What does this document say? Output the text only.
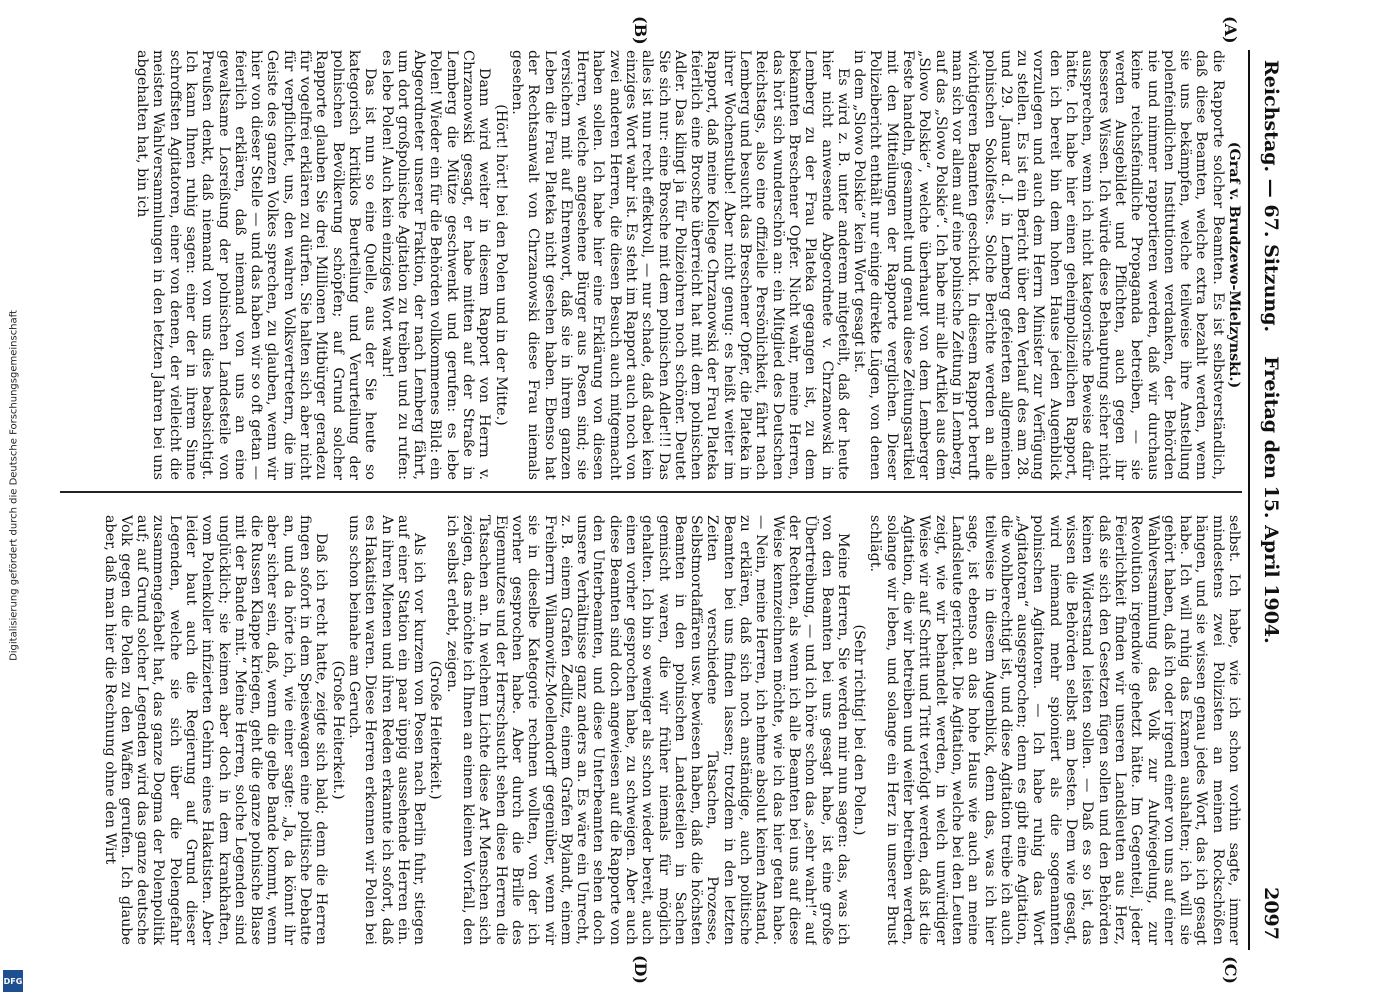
Reichstag. — 67. Sitzung.
Freitag den 15. April 1904.
2097
(A)
(B)
(C)
(D)

(Graf v. Brudzewo-Mielzynski.)

die Rapporte solcher Beamten. Es ist selbstverständlich, daß diese Beamten, welche extra bezahlt werden, wenn sie uns bekämpfen, welche teilweise ihre Anstellung polenfeindlichen Institutionen verdanken, der Behörden nie und nimmer rapportieren werden, daß wir durchaus keine reichsfeindliche Propaganda betreiben, — sie werden Ausgebildet und Pflichten, auch gegen ihr besseres Wissen. Ich würde diese Behauptung sicher nicht aussprechen, wenn ich nicht kategorische Beweise dafür hätte. Ich habe hier einen geheimpolizeilichen Rapport, den ich bereit bin dem hohen Hause jeden Augenblick vorzulegen und auch dem Herrn Minister zur Verfügung zu stellen. Es ist ein Bericht über den Verlauf des am 28. und 29. Januar d. J. in Lemberg gefeierten allgemeinen polnischen Sokolfestes. Solche Berichte werden an alle wichtigeren Beamten geschickt. In diesem Rapport beruft man sich vor allem auf eine polnische Zeitung in Lemberg, auf das „Slowo Polskie“. Ich habe mir alle Artikel aus dem „Slowo Polskie“, welche überhaupt von dem Lemberger Feste handeln, gesammelt und genau diese Zeitungsartikel mit den Mitteilungen der Rapporte verglichen. Dieser Polizeibericht enthält nur einige direkte Lügen, von denen in dem „Slowo Polskie“ kein Wort gesagt ist.

Es wird z. B. unter anderem mitgeteilt, daß der heute hier nicht anwesende Abgeordnete v. Chrzanowski in Lemberg zu der Frau Plateka gegangen ist, zu dem bekannten Breschener Opfer. Nicht wahr, meine Herren, das hört sich wunderschön an: ein Mitglied des Deutschen Reichstags, also eine offizielle Persönlichkeit, fährt nach Lemberg und besucht das Breschener Opfer, die Plateka in ihrer Wochenstube! Aber nicht genug: es heißt weiter im Rapport, daß meine Kollege Chrzanowski der Frau Plateka feierlich eine Brosche überreicht hat mit dem polnischen Adler. Das klingt ja für Polizeiohren noch schöner. Deutet Sie sich nur: eine Brosche mit dem polnischen Adler!!! Das alles ist nun recht effektvoll, — nur schade, daß dabei kein einziges Wort wahr ist. Es steht im Rapport auch noch von zwei anderen Herren, die diesen Besuch auch mitgemacht haben sollen. Ich habe hier eine Erklärung von diesen Herren, welche angesehene Bürger aus Posen sind; sie versichern mit auf Ehrenwort, daß sie in ihrem ganzen Leben die Frau Plateka nicht gesehen haben. Ebenso hat der Rechtsanwalt von Chrzanowski diese Frau niemals gesehen.

(Hört! hört! bei den Polen und in der Mitte.)

Dann wird weiter in diesem Rapport von Herrn v. Chrzanowski gesagt, er habe mitten auf der Straße in Lemberg die Mütze geschwenkt und gerufen: es lebe Polen! Wieder ein für die Behörden vollkommenes Bild: ein Abgeordneter unserer Fraktion, der nach Lemberg fährt, um dort großpolnische Agitation zu treiben und zu rufen: es lebe Polen! Auch kein einziges Wort wahr!

Das ist nun so eine Quelle, aus der Sie heute so kategorisch kritiklos Beurteilung und Verurteilung der polnischen Bevölkerung schöpfen; auf Grund solcher Rapporte glauben Sie drei Millionen Mitbürger geradezu für vogelfrei erklären zu dürfen. Sie halten sich aber nicht für verpflichtet, uns, den wahren Volksvertretern, die im Geiste des ganzen Volkes sprechen, zu glauben, wenn wir hier von dieser Stelle — und das haben wir so oft getan — feierlich erklären, daß niemand von uns an eine gewaltsame Losreißung der polnischen Landesteile von Preußen denkt, daß niemand von uns dies beabsichtigt. Ich kann Ihnen ruhig sagen: einer der in ihrem Sinne schroffsten Agitatoren, einer von denen, der vielleicht die meisten Wahlversammlungen in den letzten Jahren bei uns abgehalten hat, bin ich

selbst. Ich habe, wie ich schon vorhin sagte, immer mindestens zwei Polizisten an meinen Rockschößen hängen, und sie wissen genau jedes Wort, das ich gesagt habe. Ich will ruhig das Examen aushalten; ich will sie gehört haben, daß ich oder irgend einer von uns auf einer Wahlversammlung das Volk zur Aufwiegelung, zur Revolution irgendwie gehetzt hätte. Im Gegenteil, jeder Feierlichkeit finden wir unseren Landsleuten aus Herz, daß sie sich den Gesetzen fügen sollen und den Behörden keinen Widerstand leisten sollen. — Daß es so ist, das wissen die Behörden selbst am besten. Dem wie gesagt, wird niemand mehr spioniert als die sogenannten polnischen Agitatoren. — Ich habe ruhig das Wort „Agitatoren“ ausgesprochen; denn es gibt eine Agitation, die wohlberechtigt ist, und diese Agitation treibe ich auch teilweise in diesem Augenblick, denn das, was ich hier sage, ist ebenso an das hohe Haus wie auch an meine Landsleute gerichtet. Die Agitation, welche bei den Leuten zeigt, wie wir behandelt werden, in welch unwürdiger Weise wir auf Schritt und Tritt verfolgt werden, daß ist die Agitation, die wir betreiben und weiter betreiben werden, solange wir leben, und solange ein Herz in unserer Brust schlägt.

(Sehr richtig! bei den Polen.)

Meine Herren, Sie werden mir nun sagen: das, was ich von den Beamten bei uns gesagt habe, ist eine große Übertreibung, — und ich höre schon das „sehr wahr!“ auf der Rechten, als wenn ich alle Beamten bei uns auf diese Weise kennzeichnen möchte, wie ich das hier getan habe. — Nein, meine Herren, ich nehme absolut keinen Anstand, zu erklären, daß sich noch anständige, auch politische Beamten bei uns finden lassen; trotzdem in den letzten Zeiten verschiedene Tatsachen, Prozesse, Selbstmordaffären usw. bewiesen haben, daß die höchsten Beamten in den polnischen Landesteilen in Sachen gemischt waren, die wir früher niemals für möglich gehalten. Ich bin so weniger als schon wieder bereit, auch einen vorher gesprochen habe, zu schweigen. Aber auch diese Beamten sind doch angewiesen auf die Rapporte von den Unterbeamten, und diese Unterbeamten sehen doch unsere Verhältnisse ganz anders an. Es wäre ein Unrecht, z. B. einem Grafen Zedlitz, einem Grafen Bylandt, einem Freiherrn Wilamowitz-Moellendorff gegenüber, wenn wir sie in dieselbe Kategorie rechnen wollten, von der ich vorher gesprochen habe. Aber durch die Brille des Eigennutzes und der Herrschsucht sehen diese Herren die Tatsachen an. In welchem Lichte diese Art Menschen sich zeigen, das möchte ich Ihnen an einem kleinen Vorfall, den ich selbst erlebt, zeigen.

(Große Heiterkeit.)

Als ich vor kurzem von Posen nach Berlin fuhr, stiegen auf einer Station ein paar üppig aussehende Herren ein. An ihren Mienen und ihren Reden erkannte ich sofort, daß es Hakatisten waren. Diese Herren erkennen wir Polen bei uns schon beinahe am Geruch.

(Große Heiterkeit.)

Daß ich recht hatte, zeigte sich bald; denn die Herren fingen sofort in dem Speisewagen eine politische Debatte an, und da hörte ich, wie einer sagte: „Ja, da könnt ihr aber sicher sein, daß, wenn die gelbe Bande kommt, wenn die Russen Klappe kriegen, geht die ganze polnische Blase mit der Bande mit.“ Meine Herren, solche Legenden sind unglücklich; sie keimen aber doch in dem krankhaften, vom Polenkoller infizierten Gehirn eines Hakatisten. Aber leider baut auch die Regierung auf Grund dieser Legenden, welche sie sich über die Polengefahr zusammengefabelt hat, das ganze Dogma der Polenpolitik auf; auf Grund solcher Legenden wird das ganze deutsche Volk gegen die Polen zu den Waffen gerufen. Ich glaube aber, daß man hier die Rechnung ohne den Wirt

Digitalisierung gefördert durch die Deutsche Forschungsgemeinschaft
DFG
